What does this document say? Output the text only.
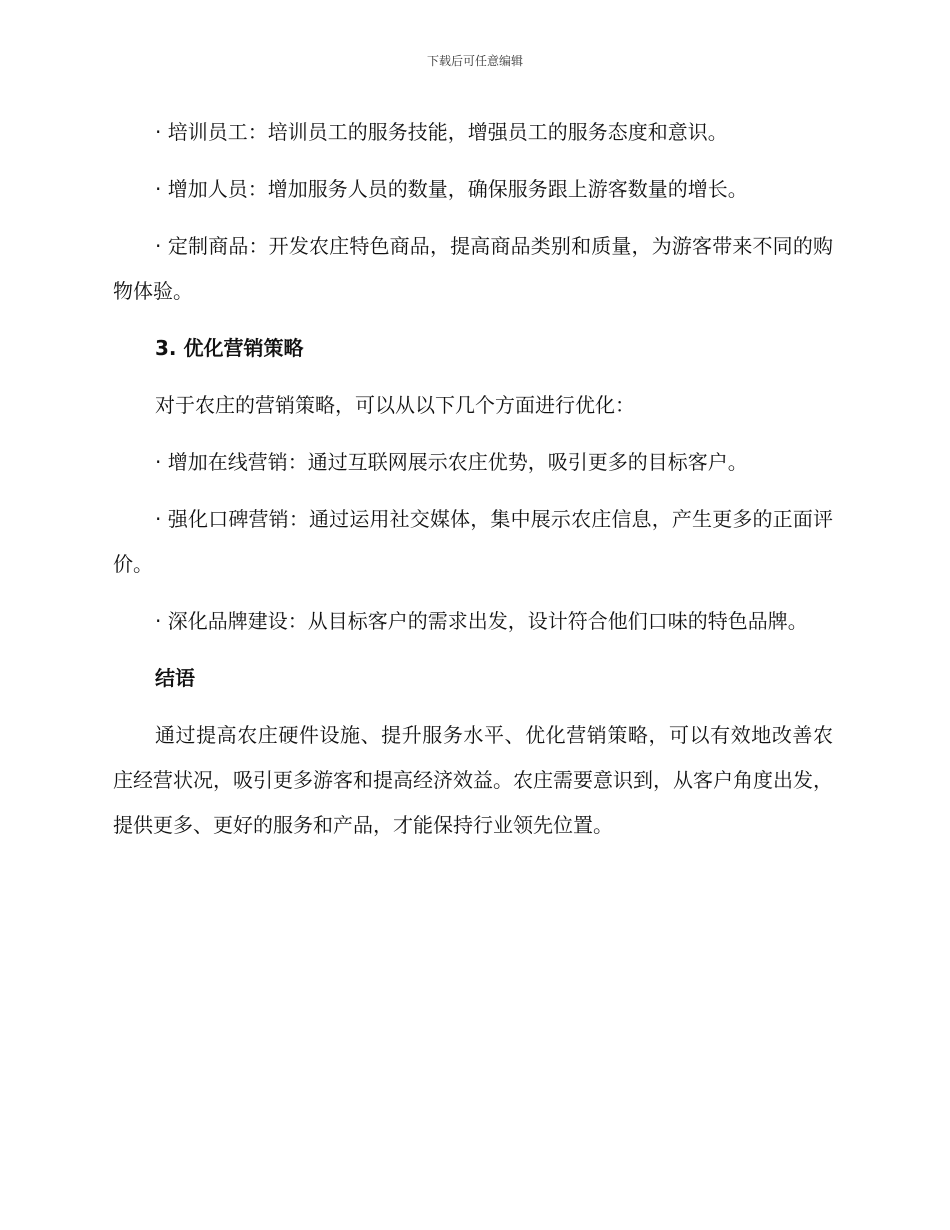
下载后可任意编辑

· 培训员工：培训员工的服务技能，增强员工的服务态度和意识。

· 增加人员：增加服务人员的数量，确保服务跟上游客数量的增长。

· 定制商品：开发农庄特色商品，提高商品类别和质量，为游客带来不同的购物体验。

3. 优化营销策略

对于农庄的营销策略，可以从以下几个方面进行优化：

· 增加在线营销：通过互联网展示农庄优势，吸引更多的目标客户。

· 强化口碑营销：通过运用社交媒体，集中展示农庄信息，产生更多的正面评价。

· 深化品牌建设：从目标客户的需求出发，设计符合他们口味的特色品牌。

结语

通过提高农庄硬件设施、提升服务水平、优化营销策略，可以有效地改善农庄经营状况，吸引更多游客和提高经济效益。农庄需要意识到，从客户角度出发，提供更多、更好的服务和产品，才能保持行业领先位置。
